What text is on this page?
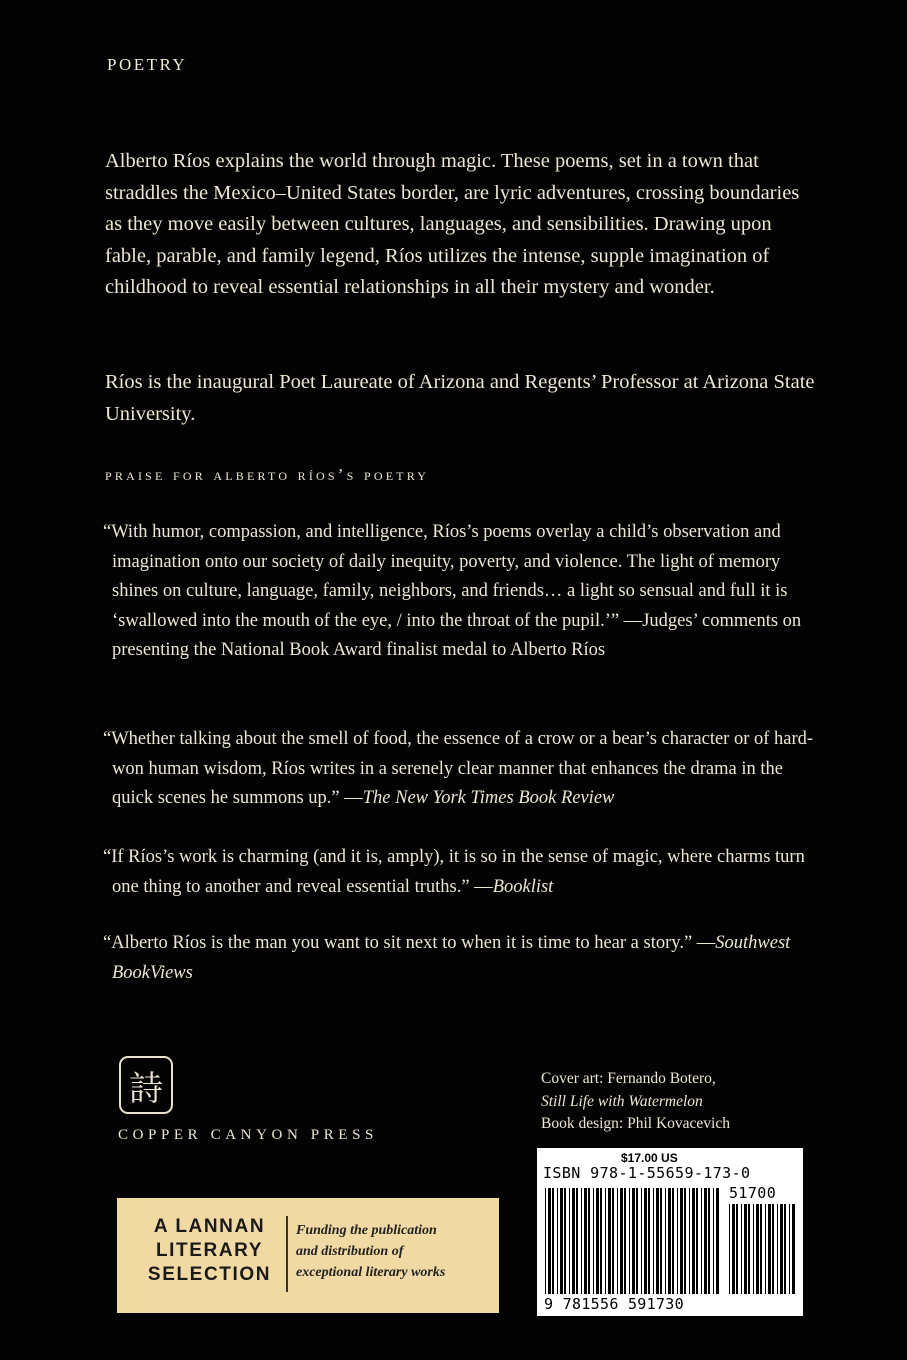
POETRY

Alberto Ríos explains the world through magic. These poems, set in a town that straddles the Mexico–United States border, are lyric adventures, crossing boundaries as they move easily between cultures, languages, and sensibilities. Drawing upon fable, parable, and family legend, Ríos utilizes the intense, supple imagination of childhood to reveal essential relationships in all their mystery and wonder.

Ríos is the inaugural Poet Laureate of Arizona and Regents’ Professor at Arizona State University.

praise for alberto ríos’s poetry

“With humor, compassion, and intelligence, Ríos’s poems overlay a child’s observation and imagination onto our society of daily inequity, poverty, and violence. The light of memory shines on culture, language, family, neighbors, and friends… a light so sensual and full it is ‘swallowed into the mouth of the eye, / into the throat of the pupil.’” —Judges’ comments on presenting the National Book Award finalist medal to Alberto Ríos

“Whether talking about the smell of food, the essence of a crow or a bear’s character or of hard-won human wisdom, Ríos writes in a serenely clear manner that enhances the drama in the quick scenes he summons up.” —The New York Times Book Review

“If Ríos’s work is charming (and it is, amply), it is so in the sense of magic, where charms turn one thing to another and reveal essential truths.” —Booklist

“Alberto Ríos is the man you want to sit next to when it is time to hear a story.” —Southwest BookViews

詩
COPPER CANYON PRESS
Cover art: Fernando Botero,
Still Life with Watermelon
Book design: Phil Kovacevich
A LANNAN
LITERARY
SELECTION
Funding the publication
and distribution of
exceptional literary works
$17.00 US
ISBN 978-1-55659-173-0
51700
9 781556 591730
